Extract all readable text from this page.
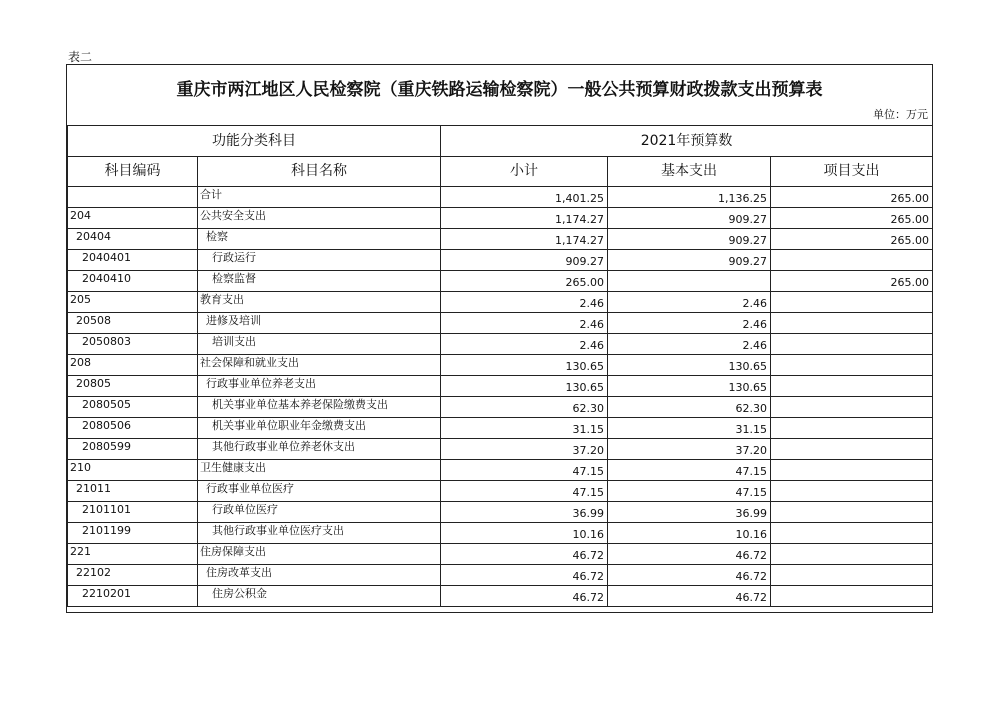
表二
重庆市两江地区人民检察院（重庆铁路运输检察院）一般公共预算财政拨款支出预算表
单位：万元
功能分类科目		2021年预算数		
科目编码	科目名称	小计	基本支出	项目支出
	合计	1,401.25	1,136.25	265.00
204	公共安全支出	1,174.27	909.27	265.00
20404	检察	1,174.27	909.27	265.00
2040401	行政运行	909.27	909.27	
2040410	检察监督	265.00		265.00
205	教育支出	2.46	2.46	
20508	进修及培训	2.46	2.46	
2050803	培训支出	2.46	2.46	
208	社会保障和就业支出	130.65	130.65	
20805	行政事业单位养老支出	130.65	130.65	
2080505	机关事业单位基本养老保险缴费支出	62.30	62.30	
2080506	机关事业单位职业年金缴费支出	31.15	31.15	
2080599	其他行政事业单位养老休支出	37.20	37.20	
210	卫生健康支出	47.15	47.15	
21011	行政事业单位医疗	47.15	47.15	
2101101	行政单位医疗	36.99	36.99	
2101199	其他行政事业单位医疗支出	10.16	10.16	
221	住房保障支出	46.72	46.72	
22102	住房改革支出	46.72	46.72	
2210201	住房公积金	46.72	46.72	
